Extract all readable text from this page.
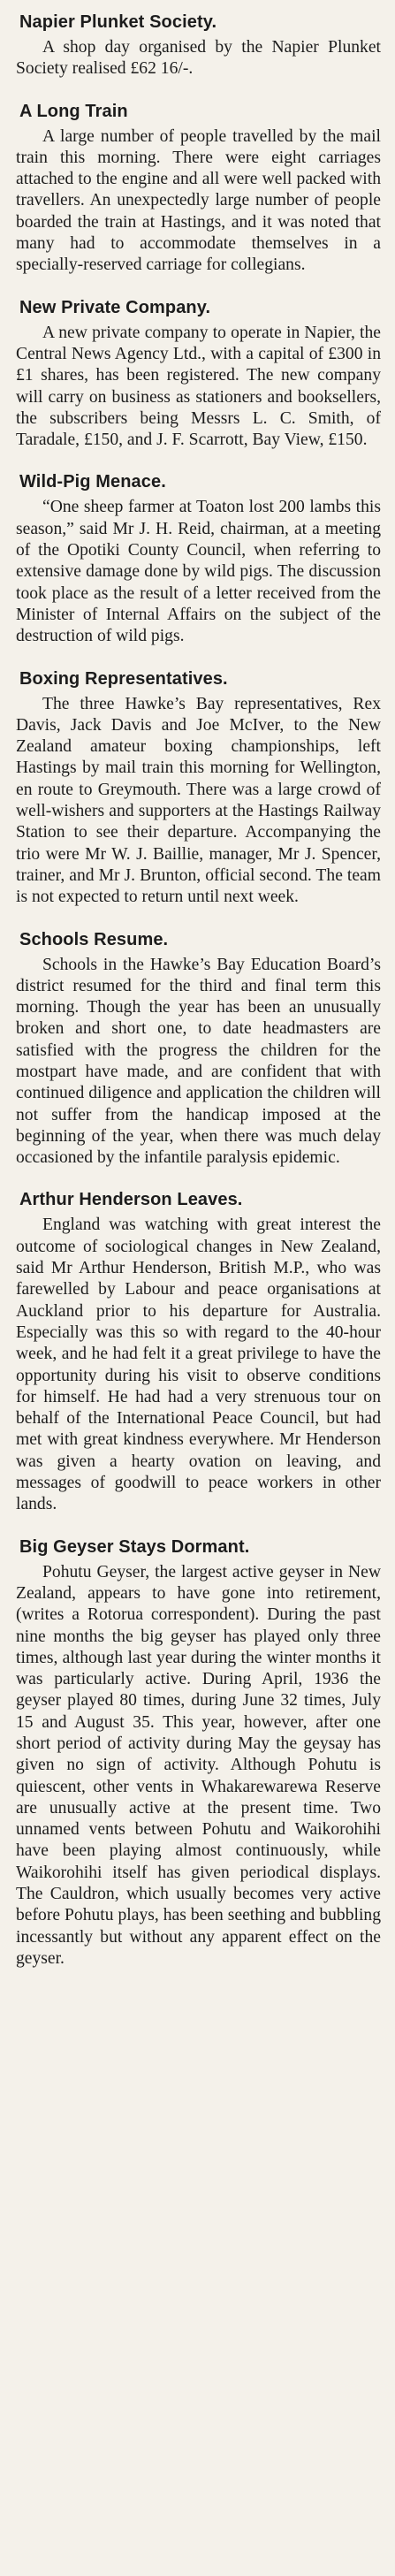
Napier Plunket Society.

A shop day organised by the Napier Plunket Society realised £62 16/-.

A Long Train

A large number of people travelled by the mail train this morning. There were eight carriages attached to the engine and all were well packed with travellers. An unexpectedly large number of people boarded the train at Hastings, and it was noted that many had to accommodate themselves in a specially-reserved carriage for collegians.

New Private Company.

A new private company to operate in Napier, the Central News Agency Ltd., with a capital of £300 in £1 shares, has been registered. The new company will carry on business as stationers and booksellers, the subscribers being Messrs L. C. Smith, of Taradale, £150, and J. F. Scarrott, Bay View, £150.

Wild-Pig Menace.

“One sheep farmer at Toaton lost 200 lambs this season,” said Mr J. H. Reid, chairman, at a meeting of the Opotiki County Council, when referring to extensive damage done by wild pigs. The discussion took place as the result of a letter received from the Minister of Internal Affairs on the subject of the destruction of wild pigs.

Boxing Representatives.

The three Hawke’s Bay representatives, Rex Davis, Jack Davis and Joe McIver, to the New Zealand amateur boxing championships, left Hastings by mail train this morning for Wellington, en route to Greymouth. There was a large crowd of well-wishers and supporters at the Hastings Railway Station to see their departure. Accompanying the trio were Mr W. J. Baillie, manager, Mr J. Spencer, trainer, and Mr J. Brunton, official second. The team is not expected to return until next week.

Schools Resume.

Schools in the Hawke’s Bay Education Board’s district resumed for the third and final term this morning. Though the year has been an unusually broken and short one, to date headmasters are satisfied with the progress the children for the mostpart have made, and are confident that with continued diligence and application the children will not suffer from the handicap imposed at the beginning of the year, when there was much delay occasioned by the infantile paralysis epidemic.

Arthur Henderson Leaves.

England was watching with great interest the outcome of sociological changes in New Zealand, said Mr Arthur Henderson, British M.P., who was farewelled by Labour and peace organisations at Auckland prior to his departure for Australia. Especially was this so with regard to the 40-hour week, and he had felt it a great privilege to have the opportunity during his visit to observe conditions for himself. He had had a very strenuous tour on behalf of the International Peace Council, but had met with great kindness everywhere. Mr Henderson was given a hearty ovation on leaving, and messages of goodwill to peace workers in other lands.

Big Geyser Stays Dormant.

Pohutu Geyser, the largest active geyser in New Zealand, appears to have gone into retirement, (writes a Rotorua correspondent). During the past nine months the big geyser has played only three times, although last year during the winter months it was particularly active. During April, 1936 the geyser played 80 times, during June 32 times, July 15 and August 35. This year, however, after one short period of activity during May the geysay has given no sign of activity. Although Pohutu is quiescent, other vents in Whakarewarewa Reserve are unusually active at the present time. Two unnamed vents between Pohutu and Waikorohihi have been playing almost continuously, while Waikorohihi itself has given periodical displays. The Cauldron, which usually becomes very active before Pohutu plays, has been seething and bubbling incessantly but without any apparent effect on the geyser.
